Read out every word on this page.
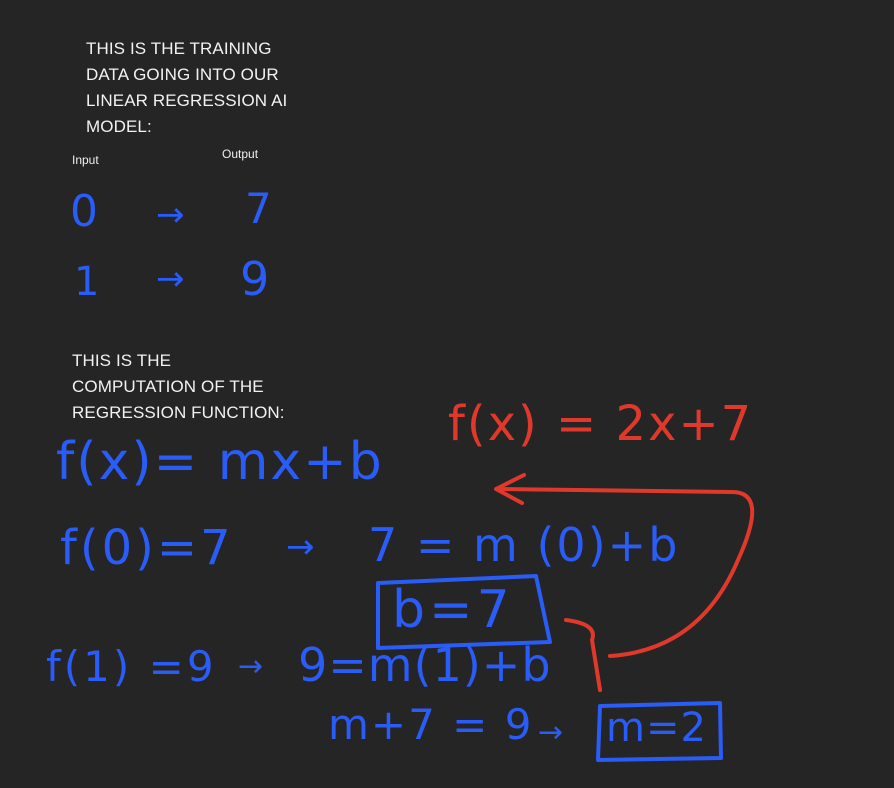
THIS IS THE TRAINING
DATA GOING INTO OUR
LINEAR REGRESSION AI
MODEL:
Input	Output
0 → 7
1 → 9
THIS IS THE
COMPUTATION OF THE
REGRESSION FUNCTION:	f(x) = 2x+7
f(x)= mx+b
f(0)=7 → 7 = m (0)+b
b=7
f(1) =9 → 9=m(1)+b
m+7 = 9 → m=2
